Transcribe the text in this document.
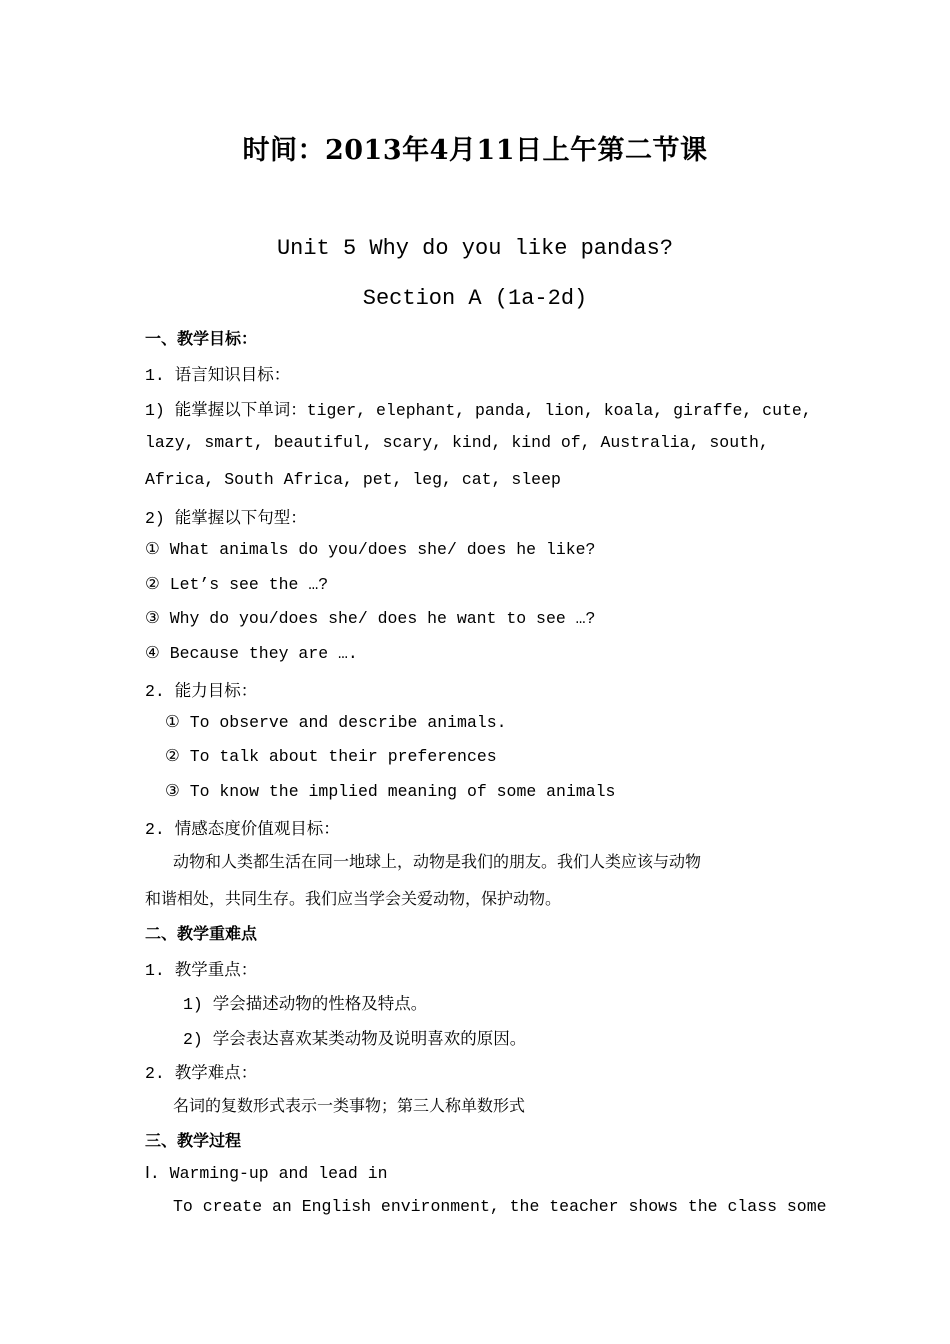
时间：2013年4月11日上午第二节课
Unit 5 Why do you like pandas?
Section A (1a-2d)
一、教学目标：
1. 语言知识目标：
1) 能掌握以下单词：tiger, elephant, panda, lion, koala, giraffe, cute,
lazy, smart, beautiful, scary, kind, kind of, Australia, south,
Africa, South Africa, pet, leg, cat, sleep
2) 能掌握以下句型：
① What animals do you/does she/ does he like?
② Let’s see the …?
③ Why do you/does she/ does he want to see …?
④ Because they are ….
2. 能力目标：
① To observe and describe animals.
② To talk about their preferences
③ To know the implied meaning of some animals
2. 情感态度价值观目标：
动物和人类都生活在同一地球上，动物是我们的朋友。我们人类应该与动物
和谐相处，共同生存。我们应当学会关爱动物，保护动物。
二、教学重难点
1. 教学重点：
1) 学会描述动物的性格及特点。
2) 学会表达喜欢某类动物及说明喜欢的原因。
2. 教学难点：
名词的复数形式表示一类事物；第三人称单数形式
三、教学过程
Ⅰ. Warming-up and lead in
To create an English environment, the teacher shows the class some
